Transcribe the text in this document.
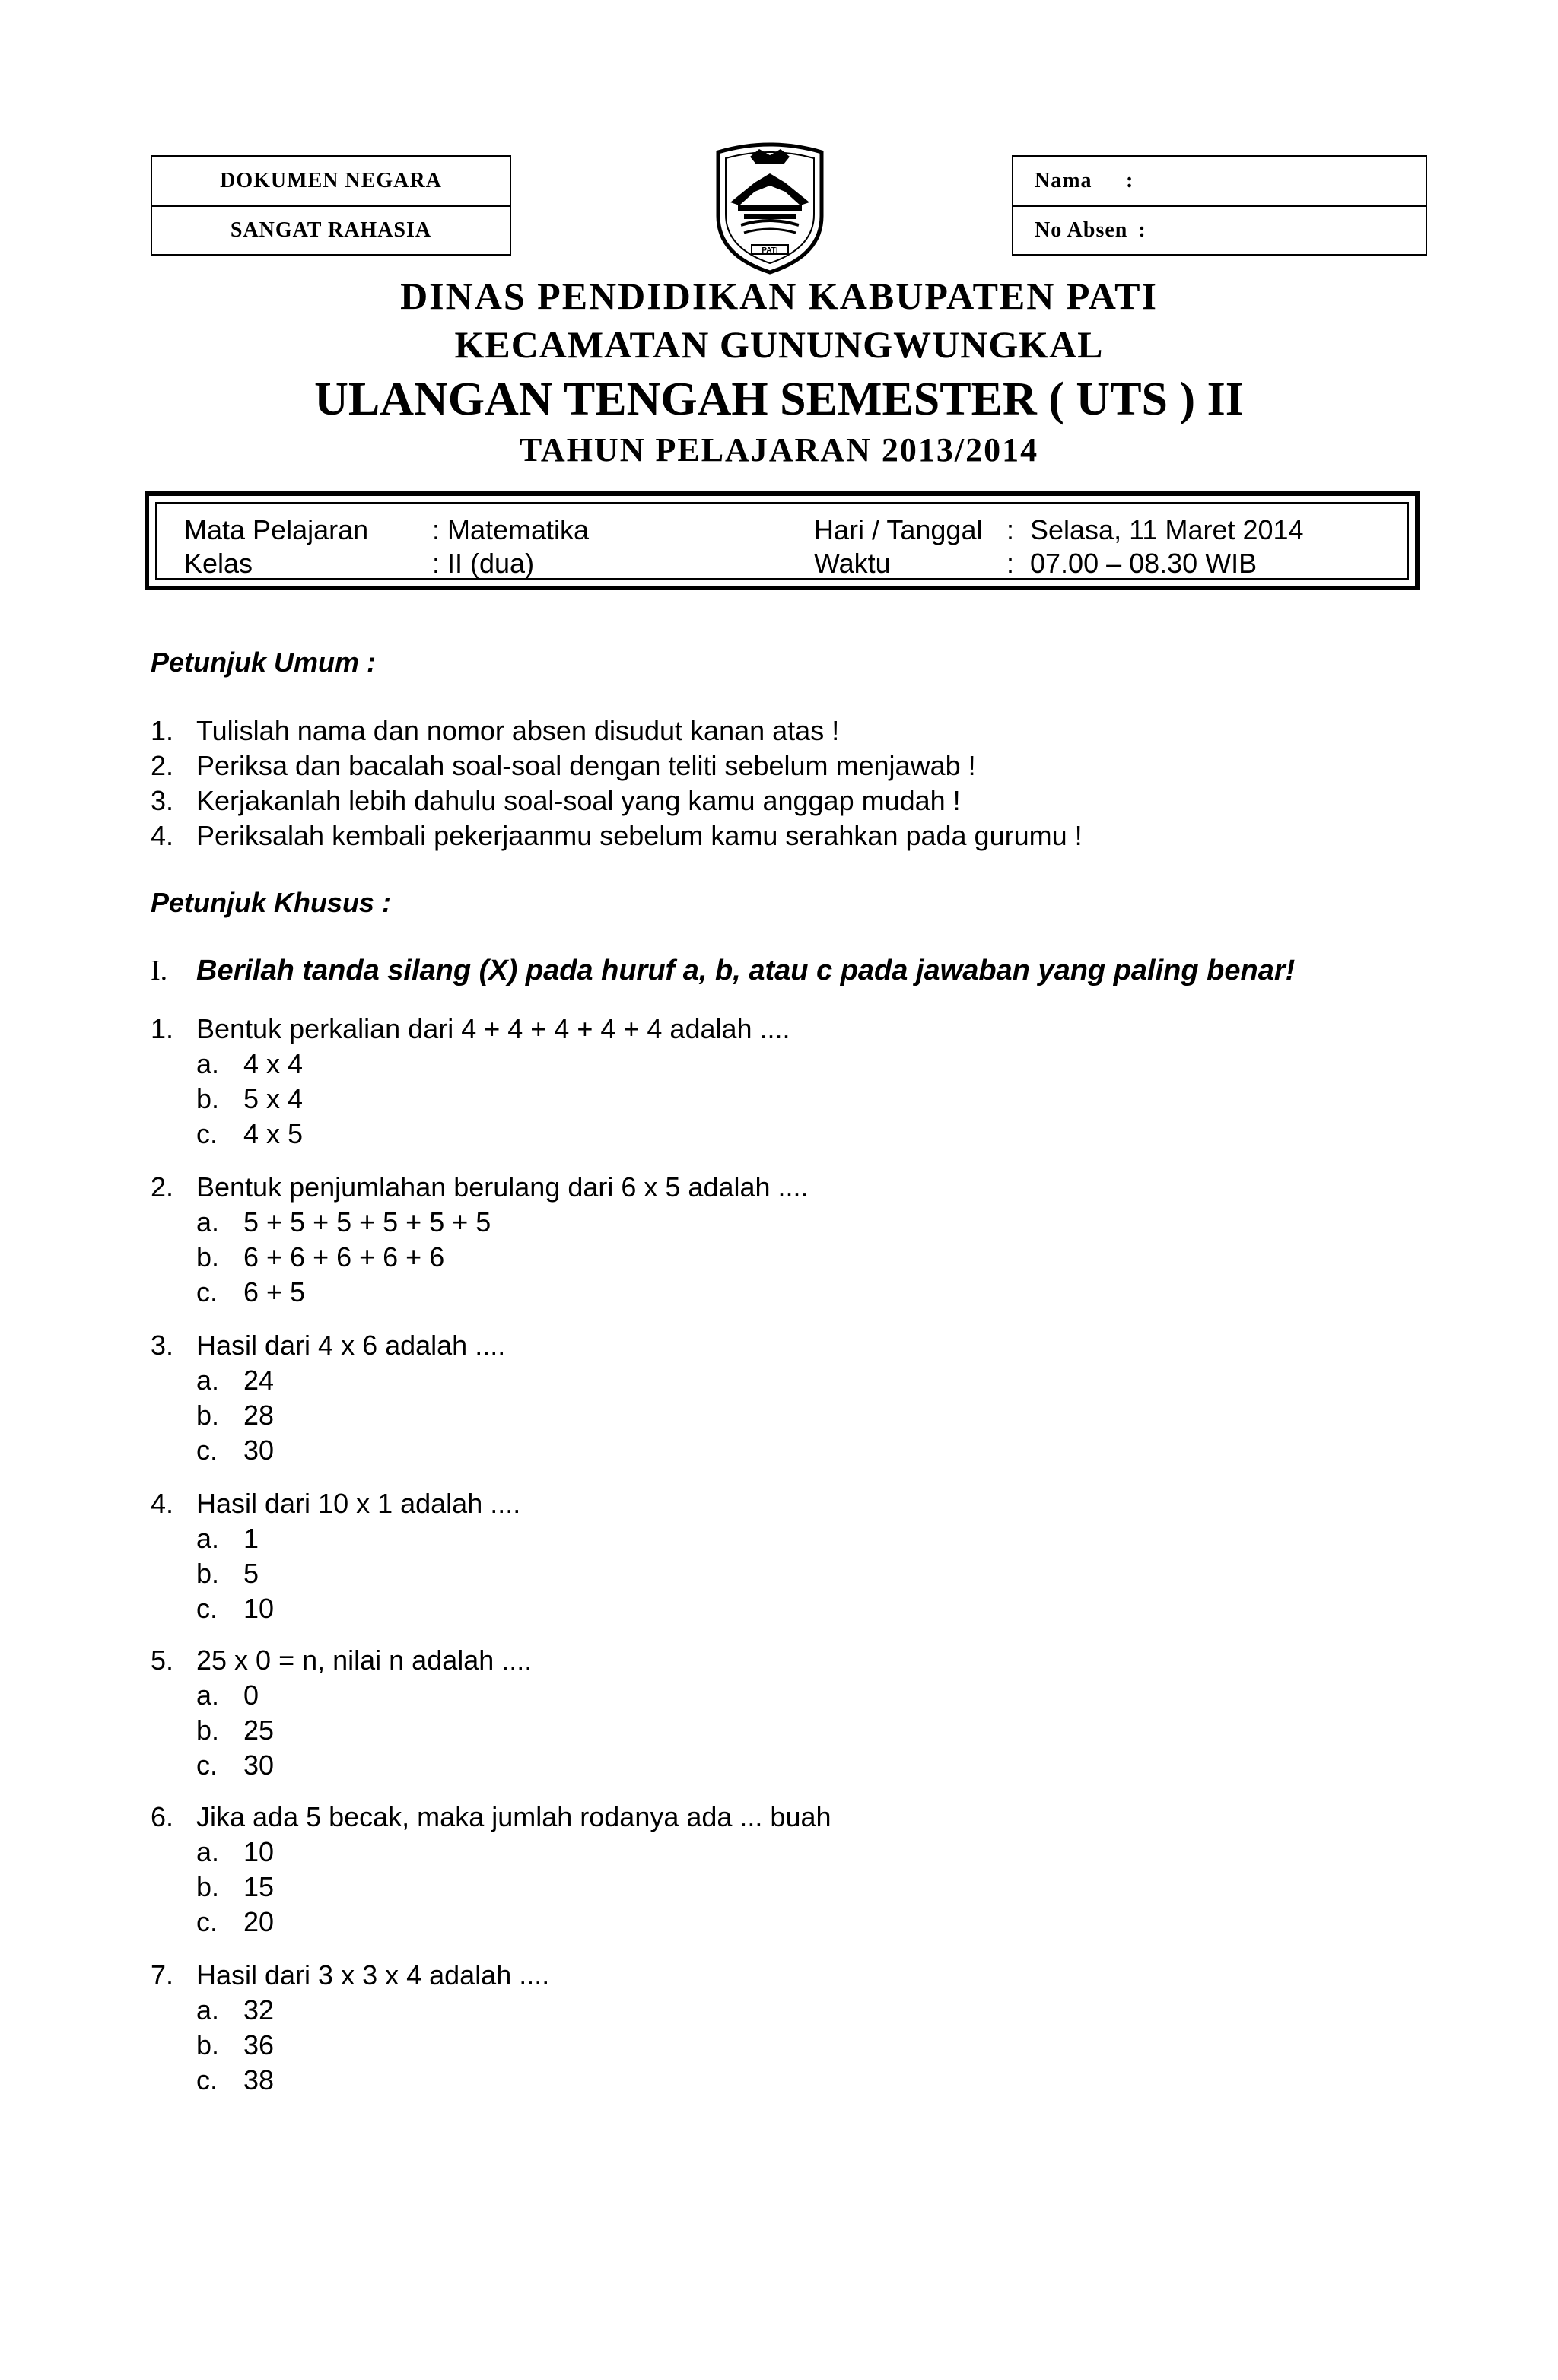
DOKUMEN NEGARA
SANGAT RAHASIA
PATI
Nama	:
No Absen :
DINAS PENDIDIKAN KABUPATEN PATI
KECAMATAN GUNUNGWUNGKAL
ULANGAN TENGAH SEMESTER ( UTS ) II
TAHUN PELAJARAN 2013/2014
Mata Pelajaran : Matematika	Hari / Tanggal : Selasa, 11 Maret 2014
Kelas	: II (dua)	Waktu	: 07.00 – 08.30 WIB
Petunjuk Umum :
1. Tulislah nama dan nomor absen disudut kanan atas !
2. Periksa dan bacalah soal-soal dengan teliti sebelum menjawab !
3. Kerjakanlah lebih dahulu soal-soal yang kamu anggap mudah !
4. Periksalah kembali pekerjaanmu sebelum kamu serahkan pada gurumu !
Petunjuk Khusus :
I. Berilah tanda silang (X) pada huruf a, b, atau c pada jawaban yang paling benar!
1. Bentuk perkalian dari 4 + 4 + 4 + 4 + 4 adalah ....
a. 4 x 4
b. 5 x 4
c. 4 x 5
2. Bentuk penjumlahan berulang dari 6 x 5 adalah ....
a. 5 + 5 + 5 + 5 + 5 + 5
b. 6 + 6 + 6 + 6 + 6
c. 6 + 5
3. Hasil dari 4 x 6 adalah ....
a. 24
b. 28
c. 30
4. Hasil dari 10 x 1 adalah ....
a. 1
b. 5
c. 10
5. 25 x 0 = n, nilai n adalah ....
a. 0
b. 25
c. 30
6. Jika ada 5 becak, maka jumlah rodanya ada ... buah
a. 10
b. 15
c. 20
7. Hasil dari 3 x 3 x 4 adalah ....
a. 32
b. 36
c. 38
